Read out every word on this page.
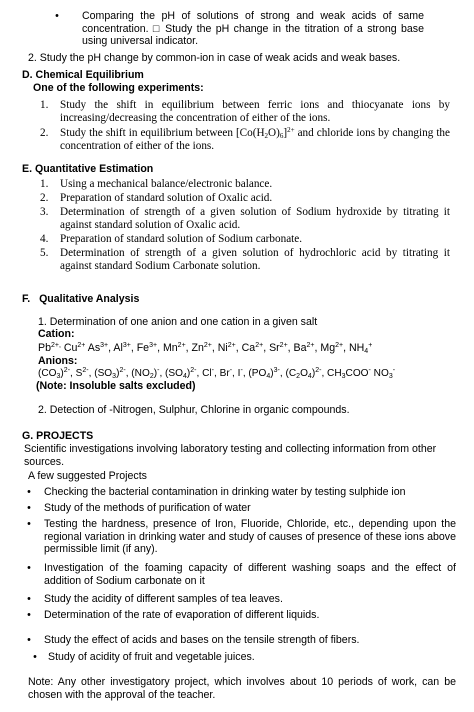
•	Comparing the pH of solutions of strong and weak acids of same concentration. □ Study the pH change in the titration of a strong base using universal indicator.
2. Study the pH change by common-ion in case of weak acids and weak bases.
D. Chemical Equilibrium
One of the following experiments:
1. Study the shift in equilibrium between ferric ions and thiocyanate ions by increasing/decreasing the concentration of either of the ions.
2. Study the shift in equilibrium between $[Co(H_2O)_6]^{2+}$ and chloride ions by changing the concentration of either of the ions.
E. Quantitative Estimation
1. Using a mechanical balance/electronic balance.
2. Preparation of standard solution of Oxalic acid.
3. Determination of strength of a given solution of Sodium hydroxide by titrating it against standard solution of Oxalic acid.
4. Preparation of standard solution of Sodium carbonate.
5. Determination of strength of a given solution of hydrochloric acid by titrating it against standard Sodium Carbonate solution.
F.   Qualitative Analysis
1. Determination of one anion and one cation in a given salt
Cation:
$Pb^{2+,}$ $Cu^{2+}$ $As^{3+}$, $Al^{3+}$, $Fe^{3+}$, $Mn^{2+}$, $Zn^{2+}$, $Ni^{2+}$, $Ca^{2+}$, $Sr^{2+}$, $Ba^{2+}$, $Mg^{2+}$, $NH_4^+$
Anions:
$(CO_3)^{2-}$, $S^{2-}$, $(SO_3)^{2-}$, $(NO_2)^-$, $(SO_4)^{2-}$, Cl-, Br-, I-, $(PO_4)^{3-}$, $(C_2O_4)^{2-}$, $CH_3COO^-$ $NO_3^-$
(Note: Insoluble salts excluded)
2. Detection of -Nitrogen, Sulphur, Chlorine in organic compounds.
G. PROJECTS
Scientific investigations involving laboratory testing and collecting information from other sources.
A few suggested Projects
• Checking the bacterial contamination in drinking water by testing sulphide ion
• Study of the methods of purification of water
• Testing the hardness, presence of Iron, Fluoride, Chloride, etc., depending upon the regional variation in drinking water and study of causes of presence of these ions above permissible limit (if any).
• Investigation of the foaming capacity of different washing soaps and the effect of addition of Sodium carbonate on it
• Study the acidity of different samples of tea leaves.
• Determination of the rate of evaporation of different liquids.
• Study the effect of acids and bases on the tensile strength of fibers.
• Study of acidity of fruit and vegetable juices.
Note: Any other investigatory project, which involves about 10 periods of work, can be chosen with the approval of the teacher.
